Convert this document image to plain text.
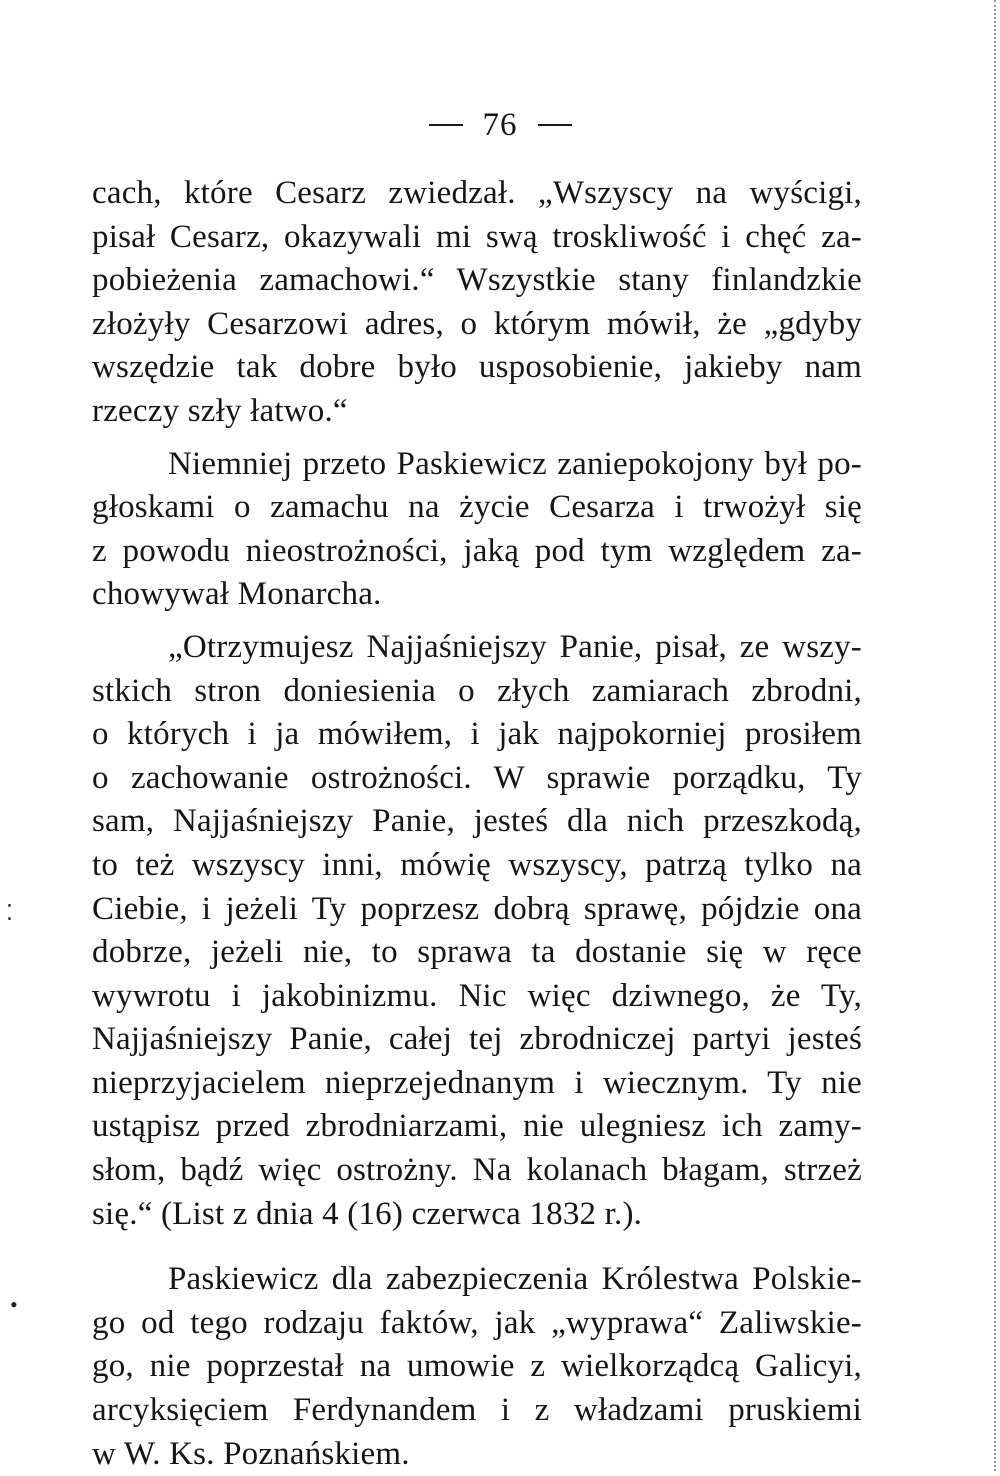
76
cach, które Cesarz zwiedzał. „Wszyscy na wyścigi,
pisał Cesarz, okazywali mi swą troskliwość i chęć za-
pobieżenia zamachowi.“ Wszystkie stany finlandzkie
złożyły Cesarzowi adres, o którym mówił, że „gdyby
wszędzie tak dobre było usposobienie, jakieby nam
rzeczy szły łatwo.“
Niemniej przeto Paskiewicz zaniepokojony był po-
głoskami o zamachu na życie Cesarza i trwożył się
z powodu nieostrożności, jaką pod tym względem za-
chowywał Monarcha.
„Otrzymujesz Najjaśniejszy Panie, pisał, ze wszy-
stkich stron doniesienia o złych zamiarach zbrodni,
o których i ja mówiłem, i jak najpokorniej prosiłem
o zachowanie ostrożności. W sprawie porządku, Ty
sam, Najjaśniejszy Panie, jesteś dla nich przeszkodą,
to też wszyscy inni, mówię wszyscy, patrzą tylko na
Ciebie, i jeżeli Ty poprzesz dobrą sprawę, pójdzie ona
dobrze, jeżeli nie, to sprawa ta dostanie się w ręce
wywrotu i jakobinizmu. Nic więc dziwnego, że Ty,
Najjaśniejszy Panie, całej tej zbrodniczej partyi jesteś
nieprzyjacielem nieprzejednanym i wiecznym. Ty nie
ustąpisz przed zbrodniarzami, nie ulegniesz ich zamy-
słom, bądź więc ostrożny. Na kolanach błagam, strzeż
się.“ (List z dnia 4 (16) czerwca 1832 r.).
Paskiewicz dla zabezpieczenia Królestwa Polskie-
go od tego rodzaju faktów, jak „wyprawa“ Zaliwskie-
go, nie poprzestał na umowie z wielkorządcą Galicyi,
arcyksięciem Ferdynandem i z władzami pruskiemi
w W. Ks. Poznańskiem.
⁚
•
